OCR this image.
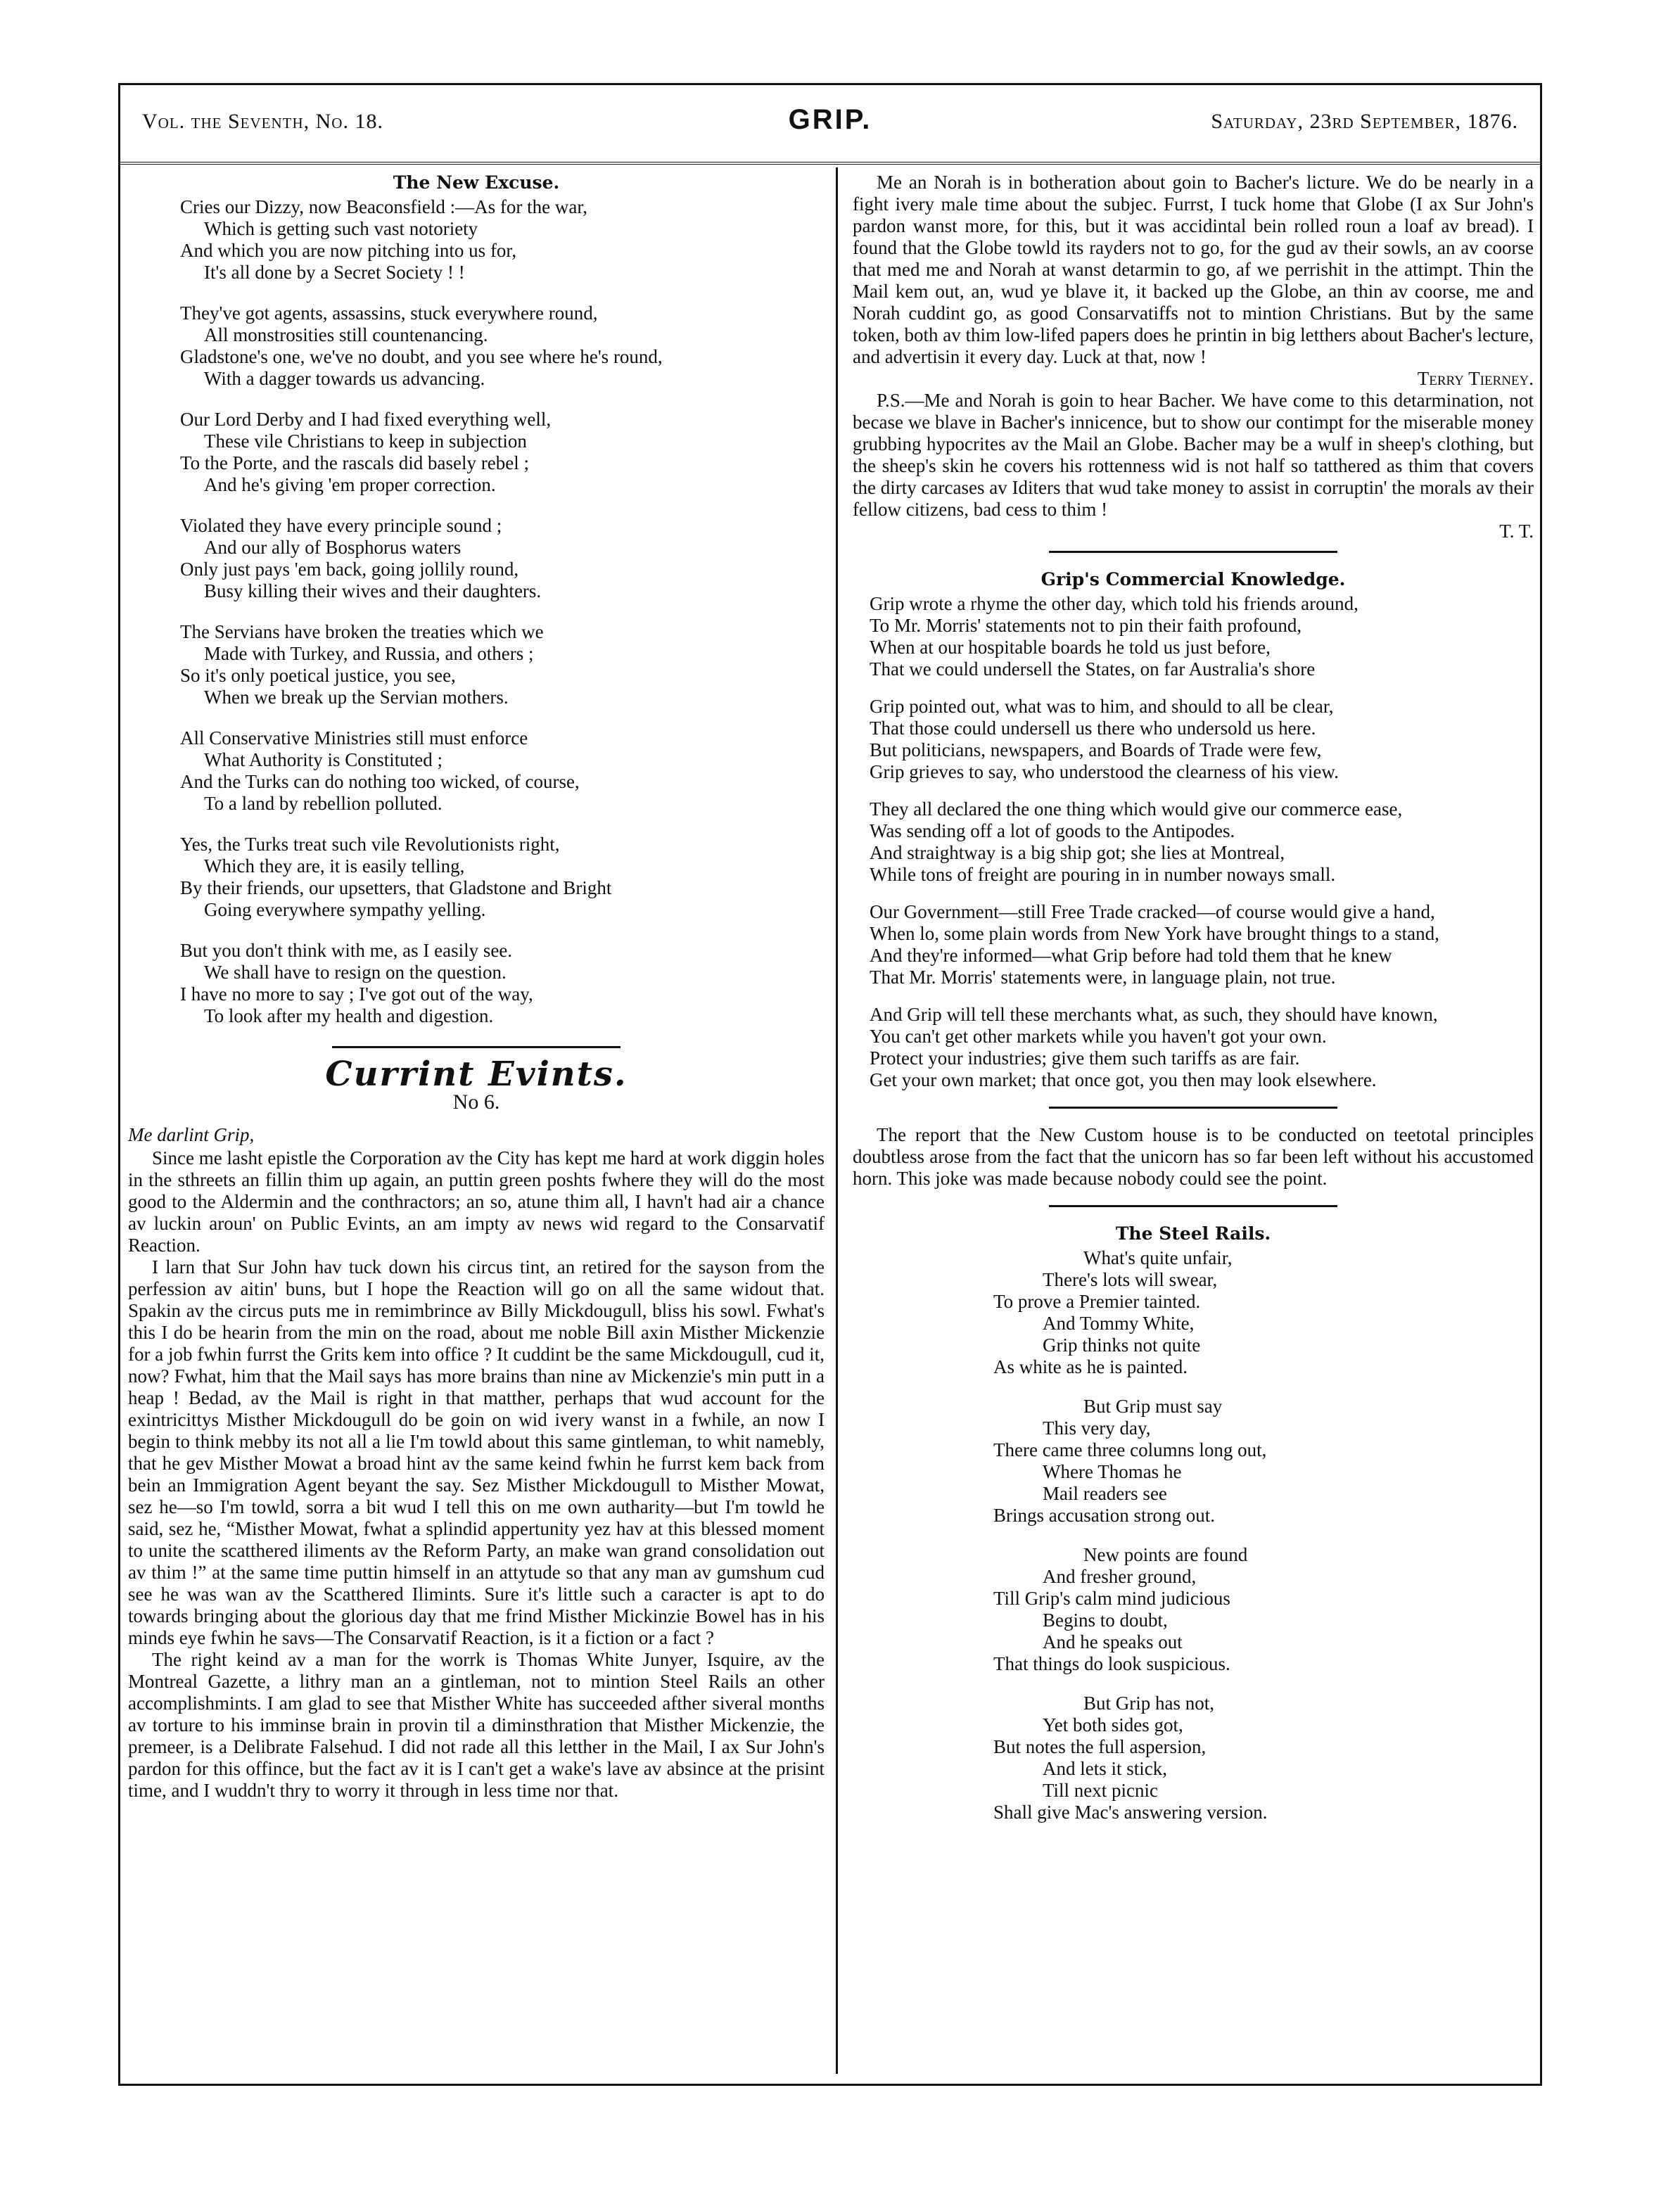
Vol. the Seventh, No. 18.	GRIP.	Saturday, 23rd September, 1876.
The New Excuse.

Cries our Dizzy, now Beaconsfield :—As for the war,

Which is getting such vast notoriety

And which you are now pitching into us for,

It's all done by a Secret Society ! !

They've got agents, assassins, stuck everywhere round,

All monstrosities still countenancing.

Gladstone's one, we've no doubt, and you see where he's round,

With a dagger towards us advancing.

Our Lord Derby and I had fixed everything well,

These vile Christians to keep in subjection

To the Porte, and the rascals did basely rebel ;

And he's giving 'em proper correction.

Violated they have every principle sound ;

And our ally of Bosphorus waters

Only just pays 'em back, going jollily round,

Busy killing their wives and their daughters.

The Servians have broken the treaties which we

Made with Turkey, and Russia, and others ;

So it's only poetical justice, you see,

When we break up the Servian mothers.

All Conservative Ministries still must enforce

What Authority is Constituted ;

And the Turks can do nothing too wicked, of course,

To a land by rebellion polluted.

Yes, the Turks treat such vile Revolutionists right,

Which they are, it is easily telling,

By their friends, our upsetters, that Gladstone and Bright

Going everywhere sympathy yelling.

But you don't think with me, as I easily see.

We shall have to resign on the question.

I have no more to say ; I've got out of the way,

To look after my health and digestion.

Currint Evints.
No 6.
Me darlint Grip,

Since me lasht epistle the Corporation av the City has kept me hard at work diggin holes in the sthreets an fillin thim up again, an puttin green poshts fwhere they will do the most good to the Aldermin and the conthractors; an so, atune thim all, I havn't had air a chance av luckin aroun' on Public Evints, an am impty av news wid regard to the Consarvatif Reaction.

I larn that Sur John hav tuck down his circus tint, an retired for the sayson from the perfession av aitin' buns, but I hope the Reaction will go on all the same widout that. Spakin av the circus puts me in remimbrince av Billy Mickdougull, bliss his sowl. Fwhat's this I do be hearin from the min on the road, about me noble Bill axin Misther Mickenzie for a job fwhin furrst the Grits kem into office ? It cuddint be the same Mickdougull, cud it, now? Fwhat, him that the Mail says has more brains than nine av Mickenzie's min putt in a heap ! Bedad, av the Mail is right in that matther, perhaps that wud account for the exintricittys Misther Mickdougull do be goin on wid ivery wanst in a fwhile, an now I begin to think mebby its not all a lie I'm towld about this same gintleman, to whit namebly, that he gev Misther Mowat a broad hint av the same keind fwhin he furrst kem back from bein an Immigration Agent beyant the say. Sez Misther Mickdougull to Misther Mowat, sez he—so I'm towld, sorra a bit wud I tell this on me own autharity—but I'm towld he said, sez he, “Misther Mowat, fwhat a splindid appertunity yez hav at this blessed moment to unite the scatthered iliments av the Reform Party, an make wan grand consolidation out av thim !” at the same time puttin himself in an attytude so that any man av gumshum cud see he was wan av the Scatthered Ilimints. Sure it's little such a caracter is apt to do towards bringing about the glorious day that me frind Misther Mickinzie Bowel has in his minds eye fwhin he savs—The Consarvatif Reaction, is it a fiction or a fact ?

The right keind av a man for the worrk is Thomas White Junyer, Isquire, av the Montreal Gazette, a lithry man an a gintleman, not to mintion Steel Rails an other accomplishmints. I am glad to see that Misther White has succeeded afther siveral months av torture to his imminse brain in provin til a diminsthration that Misther Mickenzie, the premeer, is a Delibrate Falsehud. I did not rade all this letther in the Mail, I ax Sur John's pardon for this offince, but the fact av it is I can't get a wake's lave av absince at the prisint time, and I wuddn't thry to worry it through in less time nor that.

Me an Norah is in botheration about goin to Bacher's licture. We do be nearly in a fight ivery male time about the subjec. Furrst, I tuck home that Globe (I ax Sur John's pardon wanst more, for this, but it was accidintal bein rolled roun a loaf av bread). I found that the Globe towld its rayders not to go, for the gud av their sowls, an av coorse that med me and Norah at wanst detarmin to go, af we perrishit in the attimpt. Thin the Mail kem out, an, wud ye blave it, it backed up the Globe, an thin av coorse, me and Norah cuddint go, as good Consarvatiffs not to mintion Christians. But by the same token, both av thim low-lifed papers does he printin in big letthers about Bacher's lecture, and advertisin it every day. Luck at that, now !

Terry Tierney.

P.S.—Me and Norah is goin to hear Bacher. We have come to this detarmination, not becase we blave in Bacher's innicence, but to show our contimpt for the miserable money grubbing hypocrites av the Mail an Globe. Bacher may be a wulf in sheep's clothing, but the sheep's skin he covers his rottenness wid is not half so tatthered as thim that covers the dirty carcases av Iditers that wud take money to assist in corruptin' the morals av their fellow citizens, bad cess to thim !

T. T.

Grip's Commercial Knowledge.

Grip wrote a rhyme the other day, which told his friends around,

To Mr. Morris' statements not to pin their faith profound,

When at our hospitable boards he told us just before,

That we could undersell the States, on far Australia's shore

Grip pointed out, what was to him, and should to all be clear,

That those could undersell us there who undersold us here.

But politicians, newspapers, and Boards of Trade were few,

Grip grieves to say, who understood the clearness of his view.

They all declared the one thing which would give our commerce ease,

Was sending off a lot of goods to the Antipodes.

And straightway is a big ship got; she lies at Montreal,

While tons of freight are pouring in in number noways small.

Our Government—still Free Trade cracked—of course would give a hand,

When lo, some plain words from New York have brought things to a stand,

And they're informed—what Grip before had told them that he knew

That Mr. Morris' statements were, in language plain, not true.

And Grip will tell these merchants what, as such, they should have known,

You can't get other markets while you haven't got your own.

Protect your industries; give them such tariffs as are fair.

Get your own market; that once got, you then may look elsewhere.

The report that the New Custom house is to be conducted on teetotal principles doubtless arose from the fact that the unicorn has so far been left without his accustomed horn. This joke was made because nobody could see the point.

The Steel Rails.

What's quite unfair,

There's lots will swear,

To prove a Premier tainted.

And Tommy White,

Grip thinks not quite

As white as he is painted.

But Grip must say

This very day,

There came three columns long out,

Where Thomas he

Mail readers see

Brings accusation strong out.

New points are found

And fresher ground,

Till Grip's calm mind judicious

Begins to doubt,

And he speaks out

That things do look suspicious.

But Grip has not,

Yet both sides got,

But notes the full aspersion,

And lets it stick,

Till next picnic

Shall give Mac's answering version.
